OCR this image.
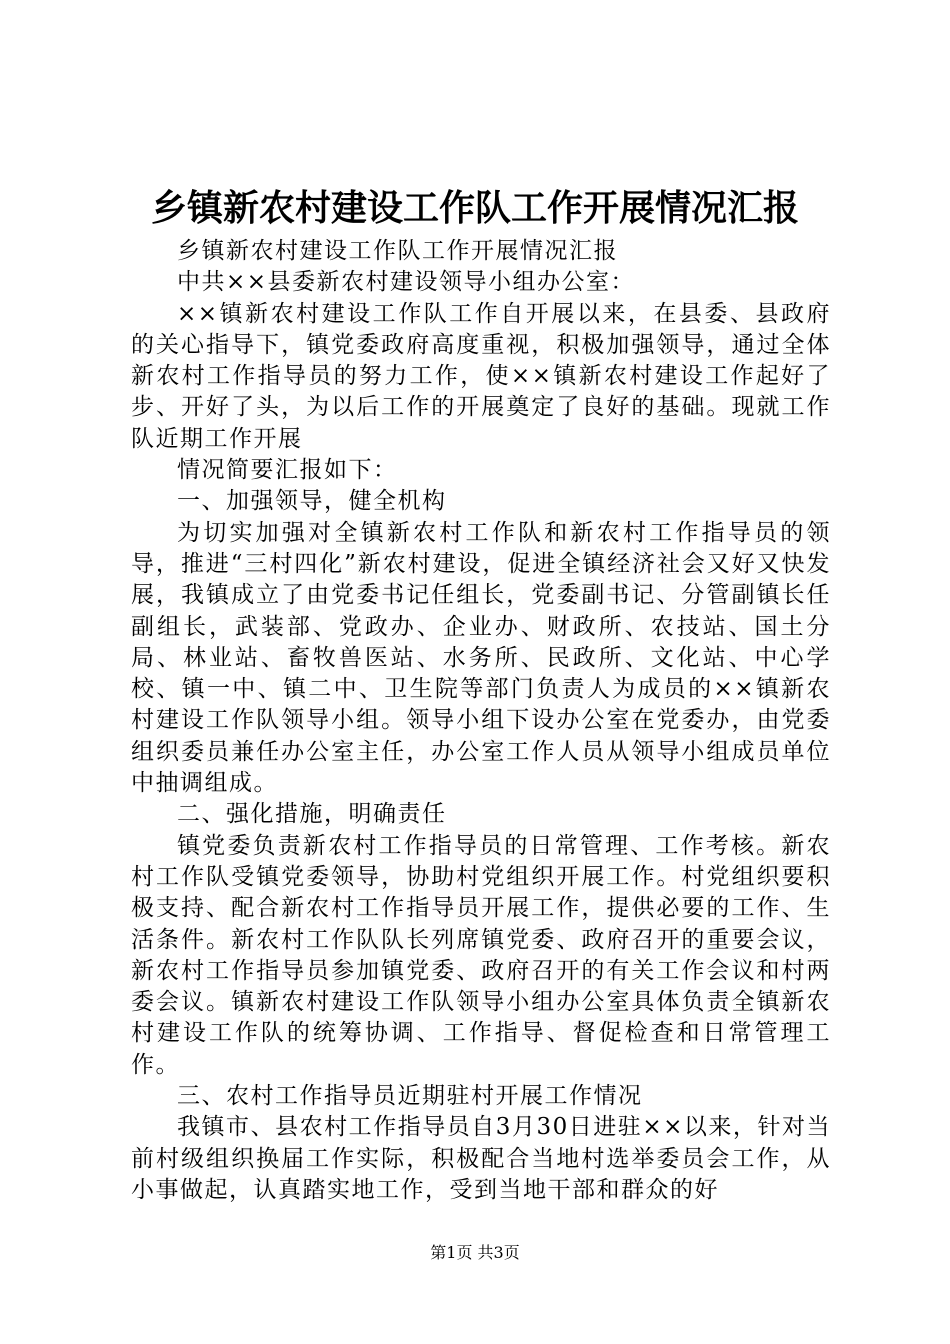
乡镇新农村建设工作队工作开展情况汇报

乡镇新农村建设工作队工作开展情况汇报

中共××县委新农村建设领导小组办公室：

××镇新农村建设工作队工作自开展以来，在县委、县政府的关心指导下，镇党委政府高度重视，积极加强领导，通过全体新农村工作指导员的努力工作，使××镇新农村建设工作起好了步、开好了头，为以后工作的开展奠定了良好的基础。现就工作队近期工作开展

情况简要汇报如下：

一、加强领导，健全机构

为切实加强对全镇新农村工作队和新农村工作指导员的领导，推进“三村四化”新农村建设，促进全镇经济社会又好又快发展，我镇成立了由党委书记任组长，党委副书记、分管副镇长任副组长，武装部、党政办、企业办、财政所、农技站、国土分局、林业站、畜牧兽医站、水务所、民政所、文化站、中心学校、镇一中、镇二中、卫生院等部门负责人为成员的××镇新农村建设工作队领导小组。领导小组下设办公室在党委办，由党委组织委员兼任办公室主任，办公室工作人员从领导小组成员单位中抽调组成。

二、强化措施，明确责任

镇党委负责新农村工作指导员的日常管理、工作考核。新农村工作队受镇党委领导，协助村党组织开展工作。村党组织要积极支持、配合新农村工作指导员开展工作，提供必要的工作、生活条件。新农村工作队队长列席镇党委、政府召开的重要会议，新农村工作指导员参加镇党委、政府召开的有关工作会议和村两委会议。镇新农村建设工作队领导小组办公室具体负责全镇新农村建设工作队的统筹协调、工作指导、督促检查和日常管理工作。

三、农村工作指导员近期驻村开展工作情况

我镇市、县农村工作指导员自3月30日进驻××以来，针对当前村级组织换届工作实际，积极配合当地村选举委员会工作，从小事做起，认真踏实地工作，受到当地干部和群众的好

第1页 共3页
